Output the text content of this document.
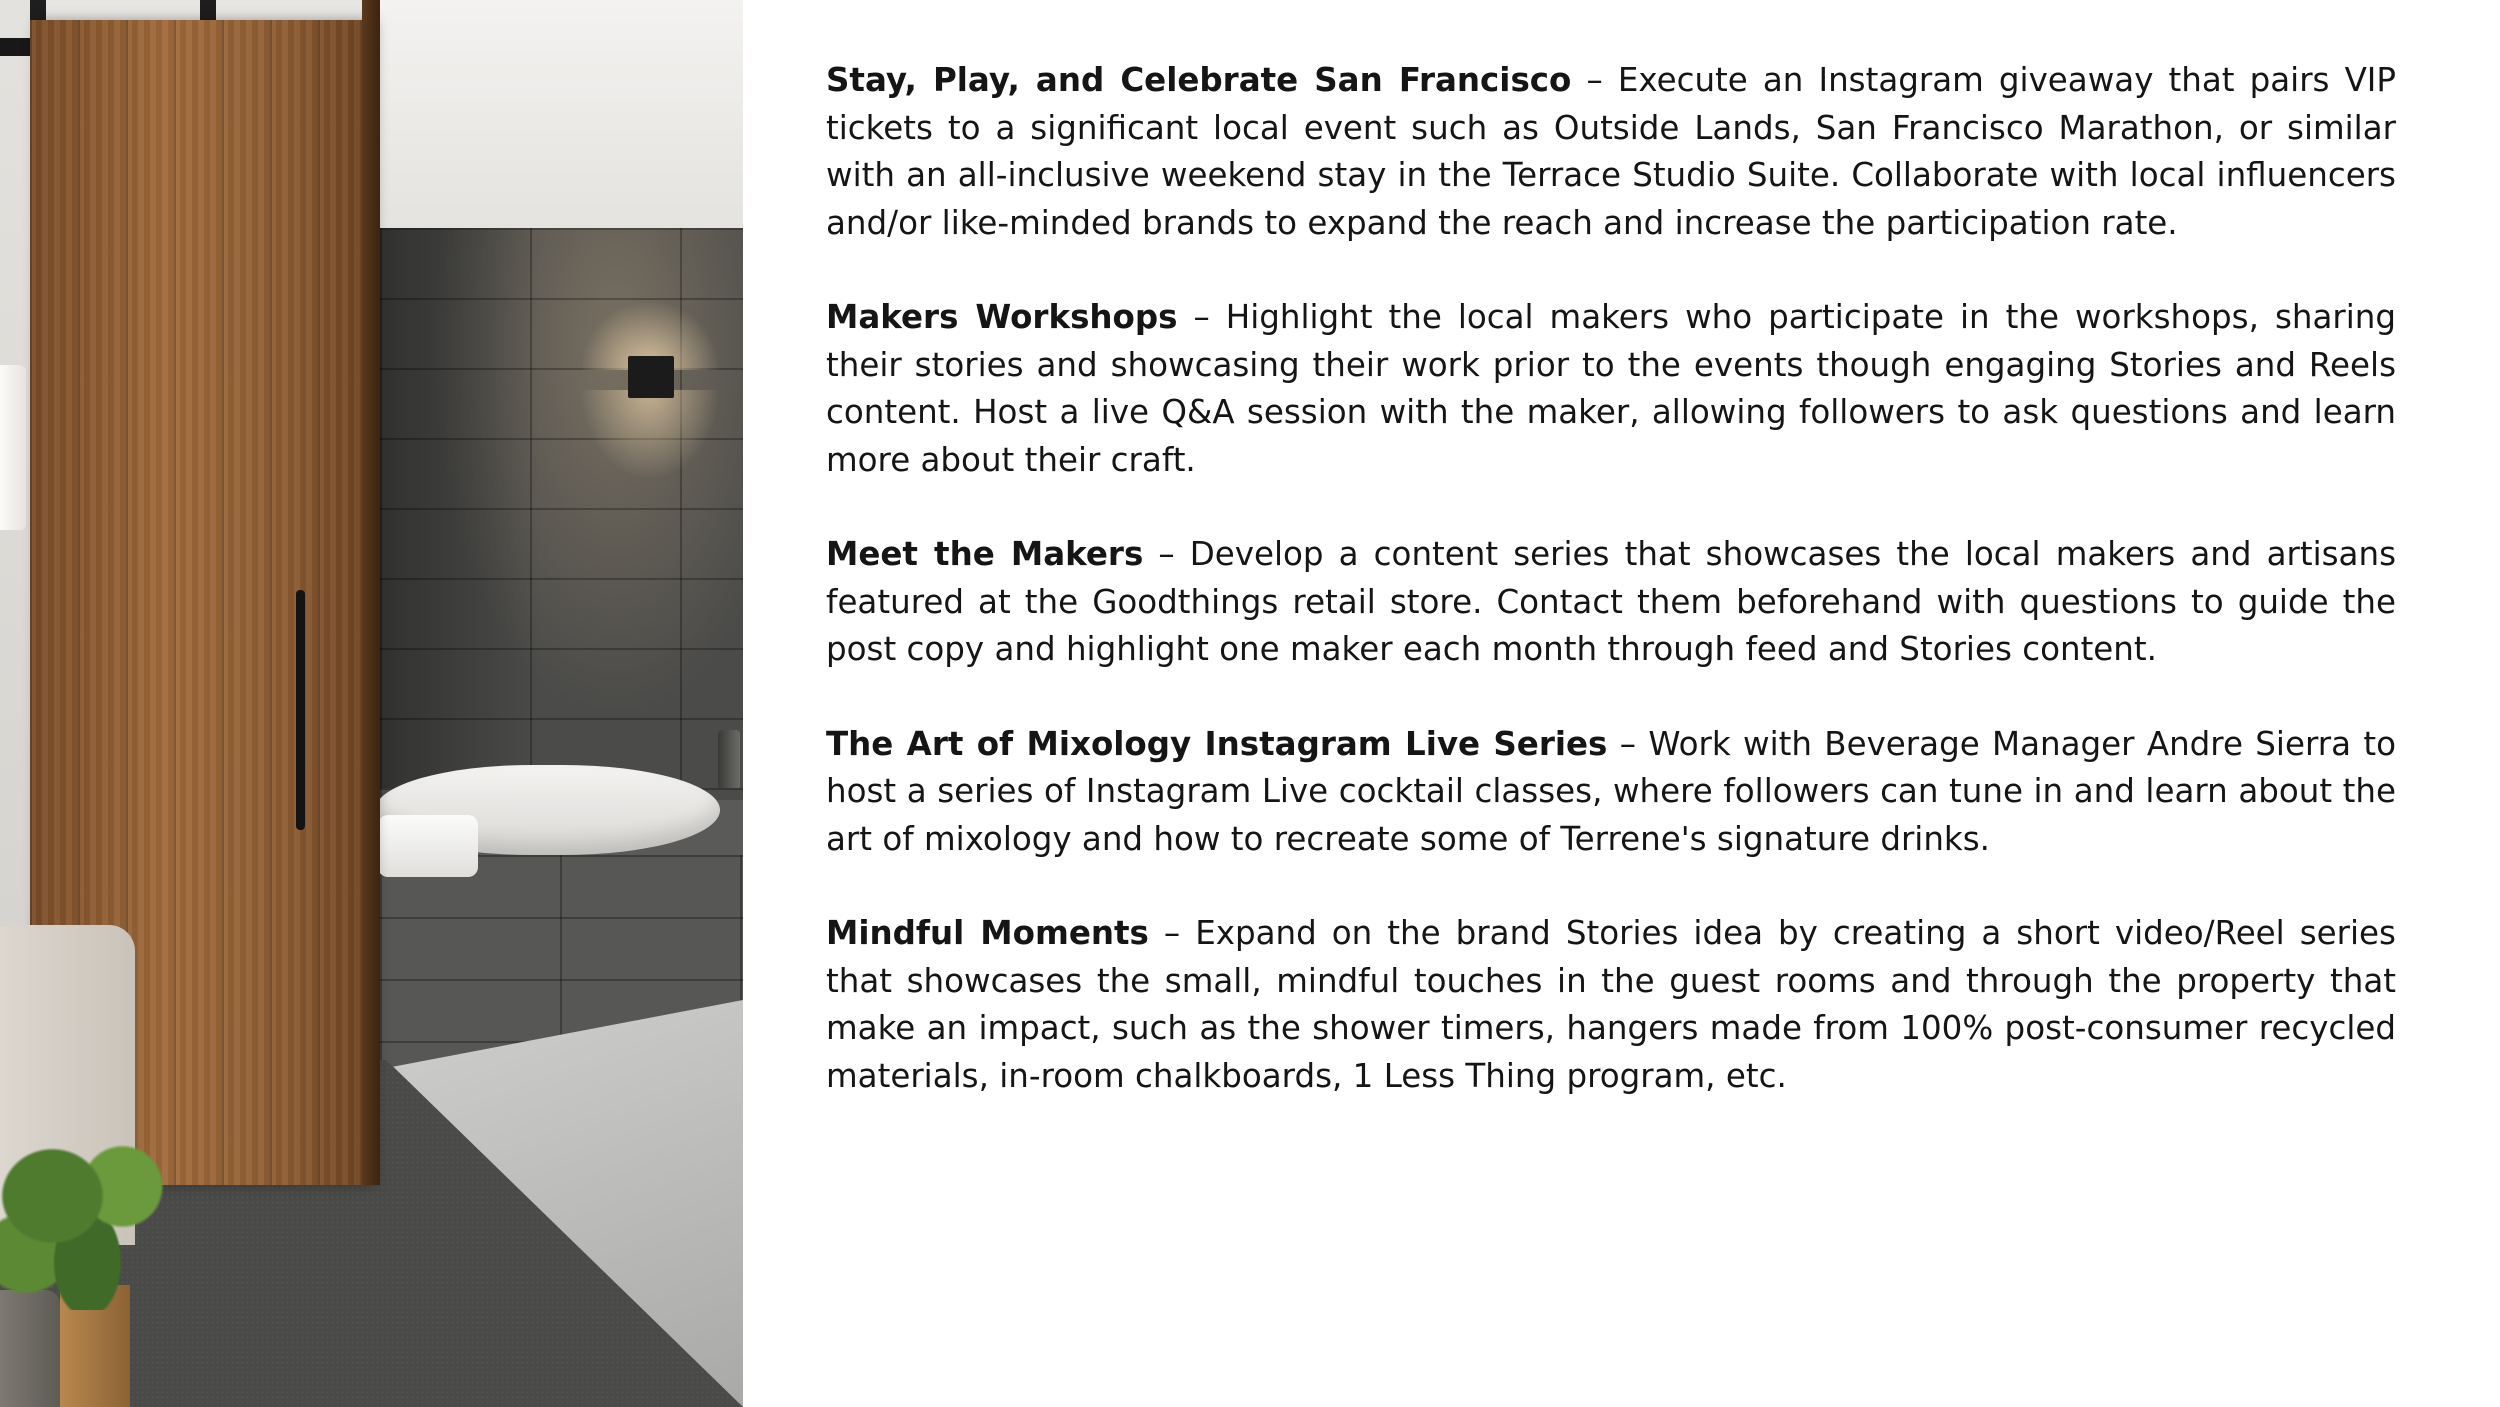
Stay, Play, and Celebrate San Francisco – Execute an Instagram giveaway that pairs VIP tickets to a significant local event such as Outside Lands, San Francisco Marathon, or similar with an all-inclusive weekend stay in the Terrace Studio Suite. Collaborate with local influencers and/or like-minded brands to expand the reach and increase the participation rate.

Makers Workshops – Highlight the local makers who participate in the workshops, sharing their stories and showcasing their work prior to the events though engaging Stories and Reels content. Host a live Q&A session with the maker, allowing followers to ask questions and learn more about their craft.

Meet the Makers – Develop a content series that showcases the local makers and artisans featured at the Goodthings retail store. Contact them beforehand with questions to guide the post copy and highlight one maker each month through feed and Stories content.

The Art of Mixology Instagram Live Series – Work with Beverage Manager Andre Sierra to host a series of Instagram Live cocktail classes, where followers can tune in and learn about the art of mixology and how to recreate some of Terrene's signature drinks.

Mindful Moments – Expand on the brand Stories idea by creating a short video/Reel series that showcases the small, mindful touches in the guest rooms and through the property that make an impact, such as the shower timers, hangers made from 100% post-consumer recycled materials, in-room chalkboards, 1 Less Thing program, etc.
